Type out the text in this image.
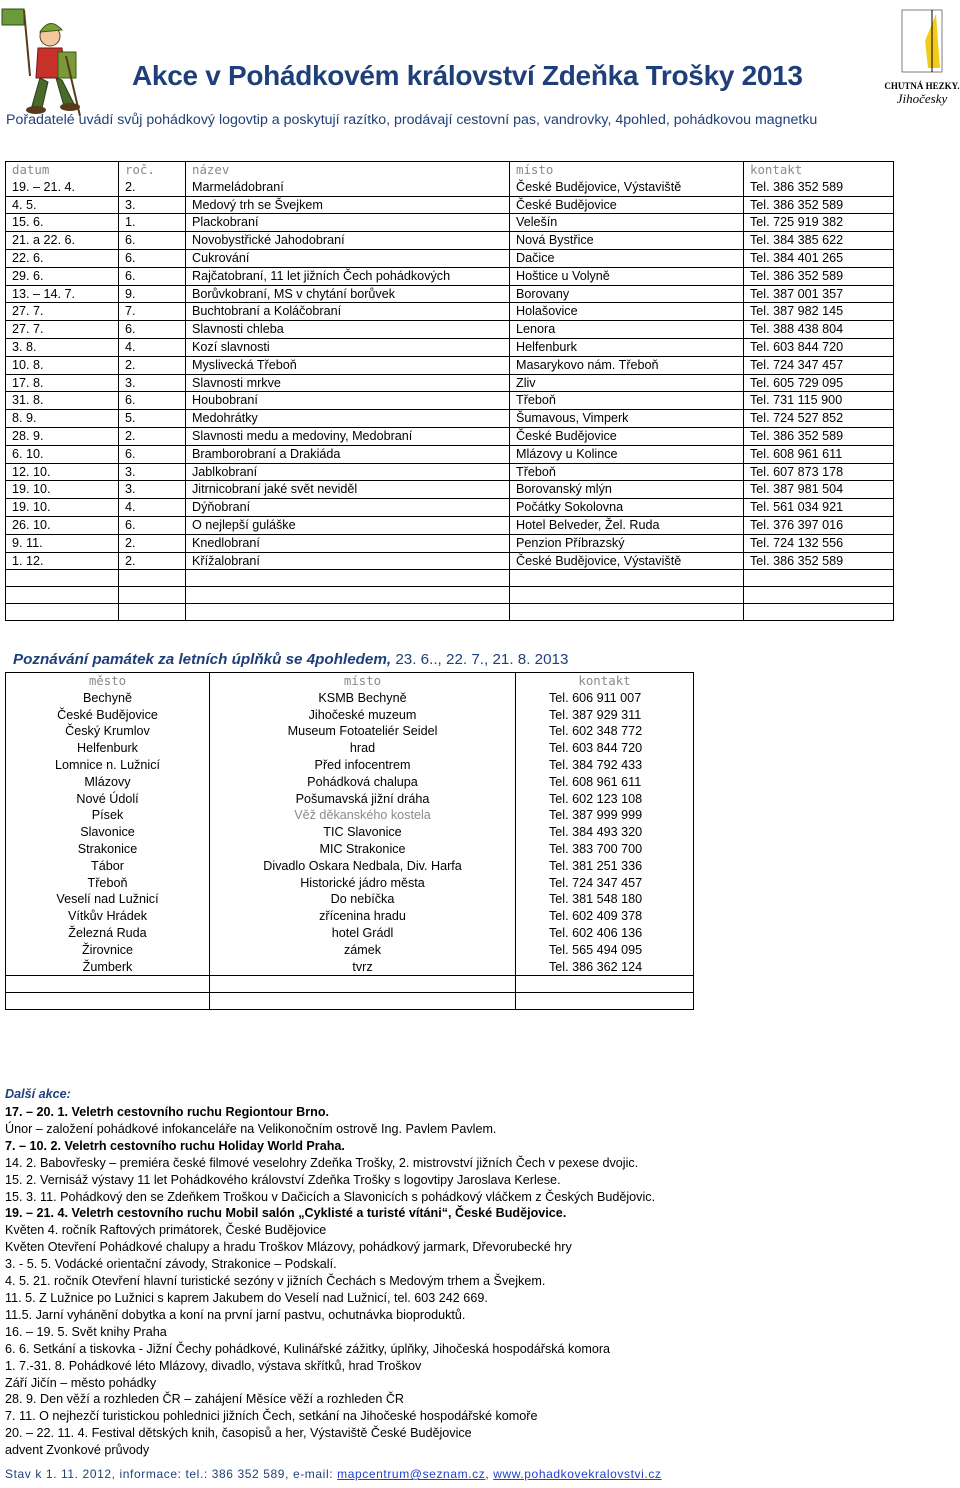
CHUTNÁ HEZKY.
Jihočesky
Akce v Pohádkovém království Zdeňka Trošky 2013
Pořadatelé uvádí svůj pohádkový logovtip a poskytují razítko, prodávají cestovní pas, vandrovky, 4pohled, pohádkovou magnetku
datum	roč.	název	místo	kontakt
19. – 21. 4.	2.	Marmeládobraní	České Budějovice, Výstaviště	Tel. 386 352 589
4. 5.	3.	Medový trh se Švejkem	České Budějovice	Tel. 386 352 589
15. 6.	1.	Plackobraní	Velešín	Tel. 725 919 382
21. a 22. 6.	6.	Novobystřické Jahodobraní	Nová Bystřice	Tel. 384 385 622
22. 6.	6.	Cukrování	Dačice	Tel. 384 401 265
29. 6.	6.	Rajčatobraní, 11 let jižních Čech pohádkových	Hoštice u Volyně	Tel. 386 352 589
13. – 14. 7.	9.	Borůvkobraní, MS v chytání borůvek	Borovany	Tel. 387 001 357
27. 7.	7.	Buchtobraní a Koláčobraní	Holašovice	Tel. 387 982 145
27. 7.	6.	Slavnosti chleba	Lenora	Tel. 388 438 804
3. 8.	4.	Kozí slavnosti	Helfenburk	Tel. 603 844 720
10. 8.	2.	Myslivecká Třeboň	Masarykovo nám. Třeboň	Tel. 724 347 457
17. 8.	3.	Slavnosti mrkve	Zliv	Tel. 605 729 095
31. 8.	6.	Houbobraní	Třeboň	Tel. 731 115 900
8. 9.	5.	Medohrátky	Šumavous, Vimperk	Tel. 724 527 852
28. 9.	2.	Slavnosti medu a medoviny, Medobraní	České Budějovice	Tel. 386 352 589
6. 10.	6.	Bramborobraní a Drakiáda	Mlázovy u Kolince	Tel. 608 961 611
12. 10.	3.	Jablkobraní	Třeboň	Tel. 607 873 178
19. 10.	3.	Jitrnicobraní jaké svět neviděl	Borovanský mlýn	Tel. 387 981 504
19. 10.	4.	Dýňobraní	Počátky Sokolovna	Tel. 561 034 921
26. 10.	6.	O nejlepší guláške	Hotel Belveder, Žel. Ruda	Tel. 376 397 016
9. 11.	2.	Knedlobraní	Penzion Příbrazský	Tel. 724 132 556
1. 12.	2.	Křížalobraní	České Budějovice, Výstaviště	Tel. 386 352 589

Poznávání památek za letních úplňků se 4pohledem, 23. 6.., 22. 7., 21. 8. 2013
město	místo	kontakt
Bechyně	KSMB Bechyně	Tel. 606 911 007
České Budějovice	Jihočeské muzeum	Tel. 387 929 311
Český Krumlov	Museum Fotoateliér Seidel	Tel. 602 348 772
Helfenburk	hrad	Tel. 603 844 720
Lomnice n. Lužnicí	Před infocentrem	Tel. 384 792 433
Mlázovy	Pohádková chalupa	Tel. 608 961 611
Nové Údolí	Pošumavská jižní dráha	Tel. 602 123 108
Písek	Věž děkanského kostela	Tel. 387 999 999
Slavonice	TIC Slavonice	Tel. 384 493 320
Strakonice	MIC Strakonice	Tel. 383 700 700
Tábor	Divadlo Oskara Nedbala, Div. Harfa	Tel. 381 251 336
Třeboň	Historické jádro města	Tel. 724 347 457
Veselí nad Lužnicí	Do nebíčka	Tel. 381 548 180
Vítkův Hrádek	zřícenina hradu	Tel. 602 409 378
Železná Ruda	hotel Grádl	Tel. 602 406 136
Žirovnice	zámek	Tel. 565 494 095
Žumberk	tvrz	Tel. 386 362 124

Další akce:
17. – 20. 1. Veletrh cestovního ruchu Regiontour Brno.
Únor – založení pohádkové infokanceláře na Velikonočním ostrově Ing. Pavlem Pavlem.
7. – 10. 2. Veletrh cestovního ruchu Holiday World Praha.
14. 2. Babovřesky – premiéra české filmové veselohry Zdeňka Trošky, 2. mistrovství jižních Čech v pexese dvojic.
15. 2. Vernisáž výstavy 11 let Pohádkového království Zdeňka Trošky s logovtipy Jaroslava Kerlese.
15. 3. 11. Pohádkový den se Zdeňkem Troškou v Dačicích a Slavonicích s pohádkový vláčkem z Českých Budějovic.
19. – 21. 4. Veletrh cestovního ruchu Mobil salón „Cyklisté a turisté vítáni“, České Budějovice.
Květen 4. ročník Raftových primátorek, České Budějovice
Květen Otevření Pohádkové chalupy a hradu Troškov Mlázovy, pohádkový jarmark, Dřevorubecké hry
3. - 5. 5. Vodácké orientační závody, Strakonice – Podskalí.
4. 5. 21. ročník Otevření hlavní turistické sezóny v jižních Čechách s Medovým trhem a Švejkem.
11. 5. Z Lužnice po Lužnici s kaprem Jakubem do Veselí nad Lužnicí, tel. 603 242 669.
11.5. Jarní vyhánění dobytka a koní na první jarní pastvu, ochutnávka bioproduktů.
16. – 19. 5. Svět knihy Praha
6. 6. Setkání a tiskovka - Jižní Čechy pohádkové, Kulinářské zážitky, úplňky, Jihočeská hospodářská komora
1. 7.-31. 8. Pohádkové léto Mlázovy, divadlo, výstava skřítků, hrad Troškov
Září Jičín – město pohádky
28. 9. Den věží a rozhleden ČR – zahájení Měsíce věží a rozhleden ČR
7. 11. O nejhezčí turistickou pohlednici jižních Čech, setkání na Jihočeské hospodářské komoře
20. – 22. 11. 4. Festival dětských knih, časopisů a her, Výstaviště České Budějovice
advent Zvonkové průvody
Stav k 1. 11. 2012, informace: tel.: 386 352 589, e-mail: mapcentrum@seznam.cz, www.pohadkovekralovstvi.cz
